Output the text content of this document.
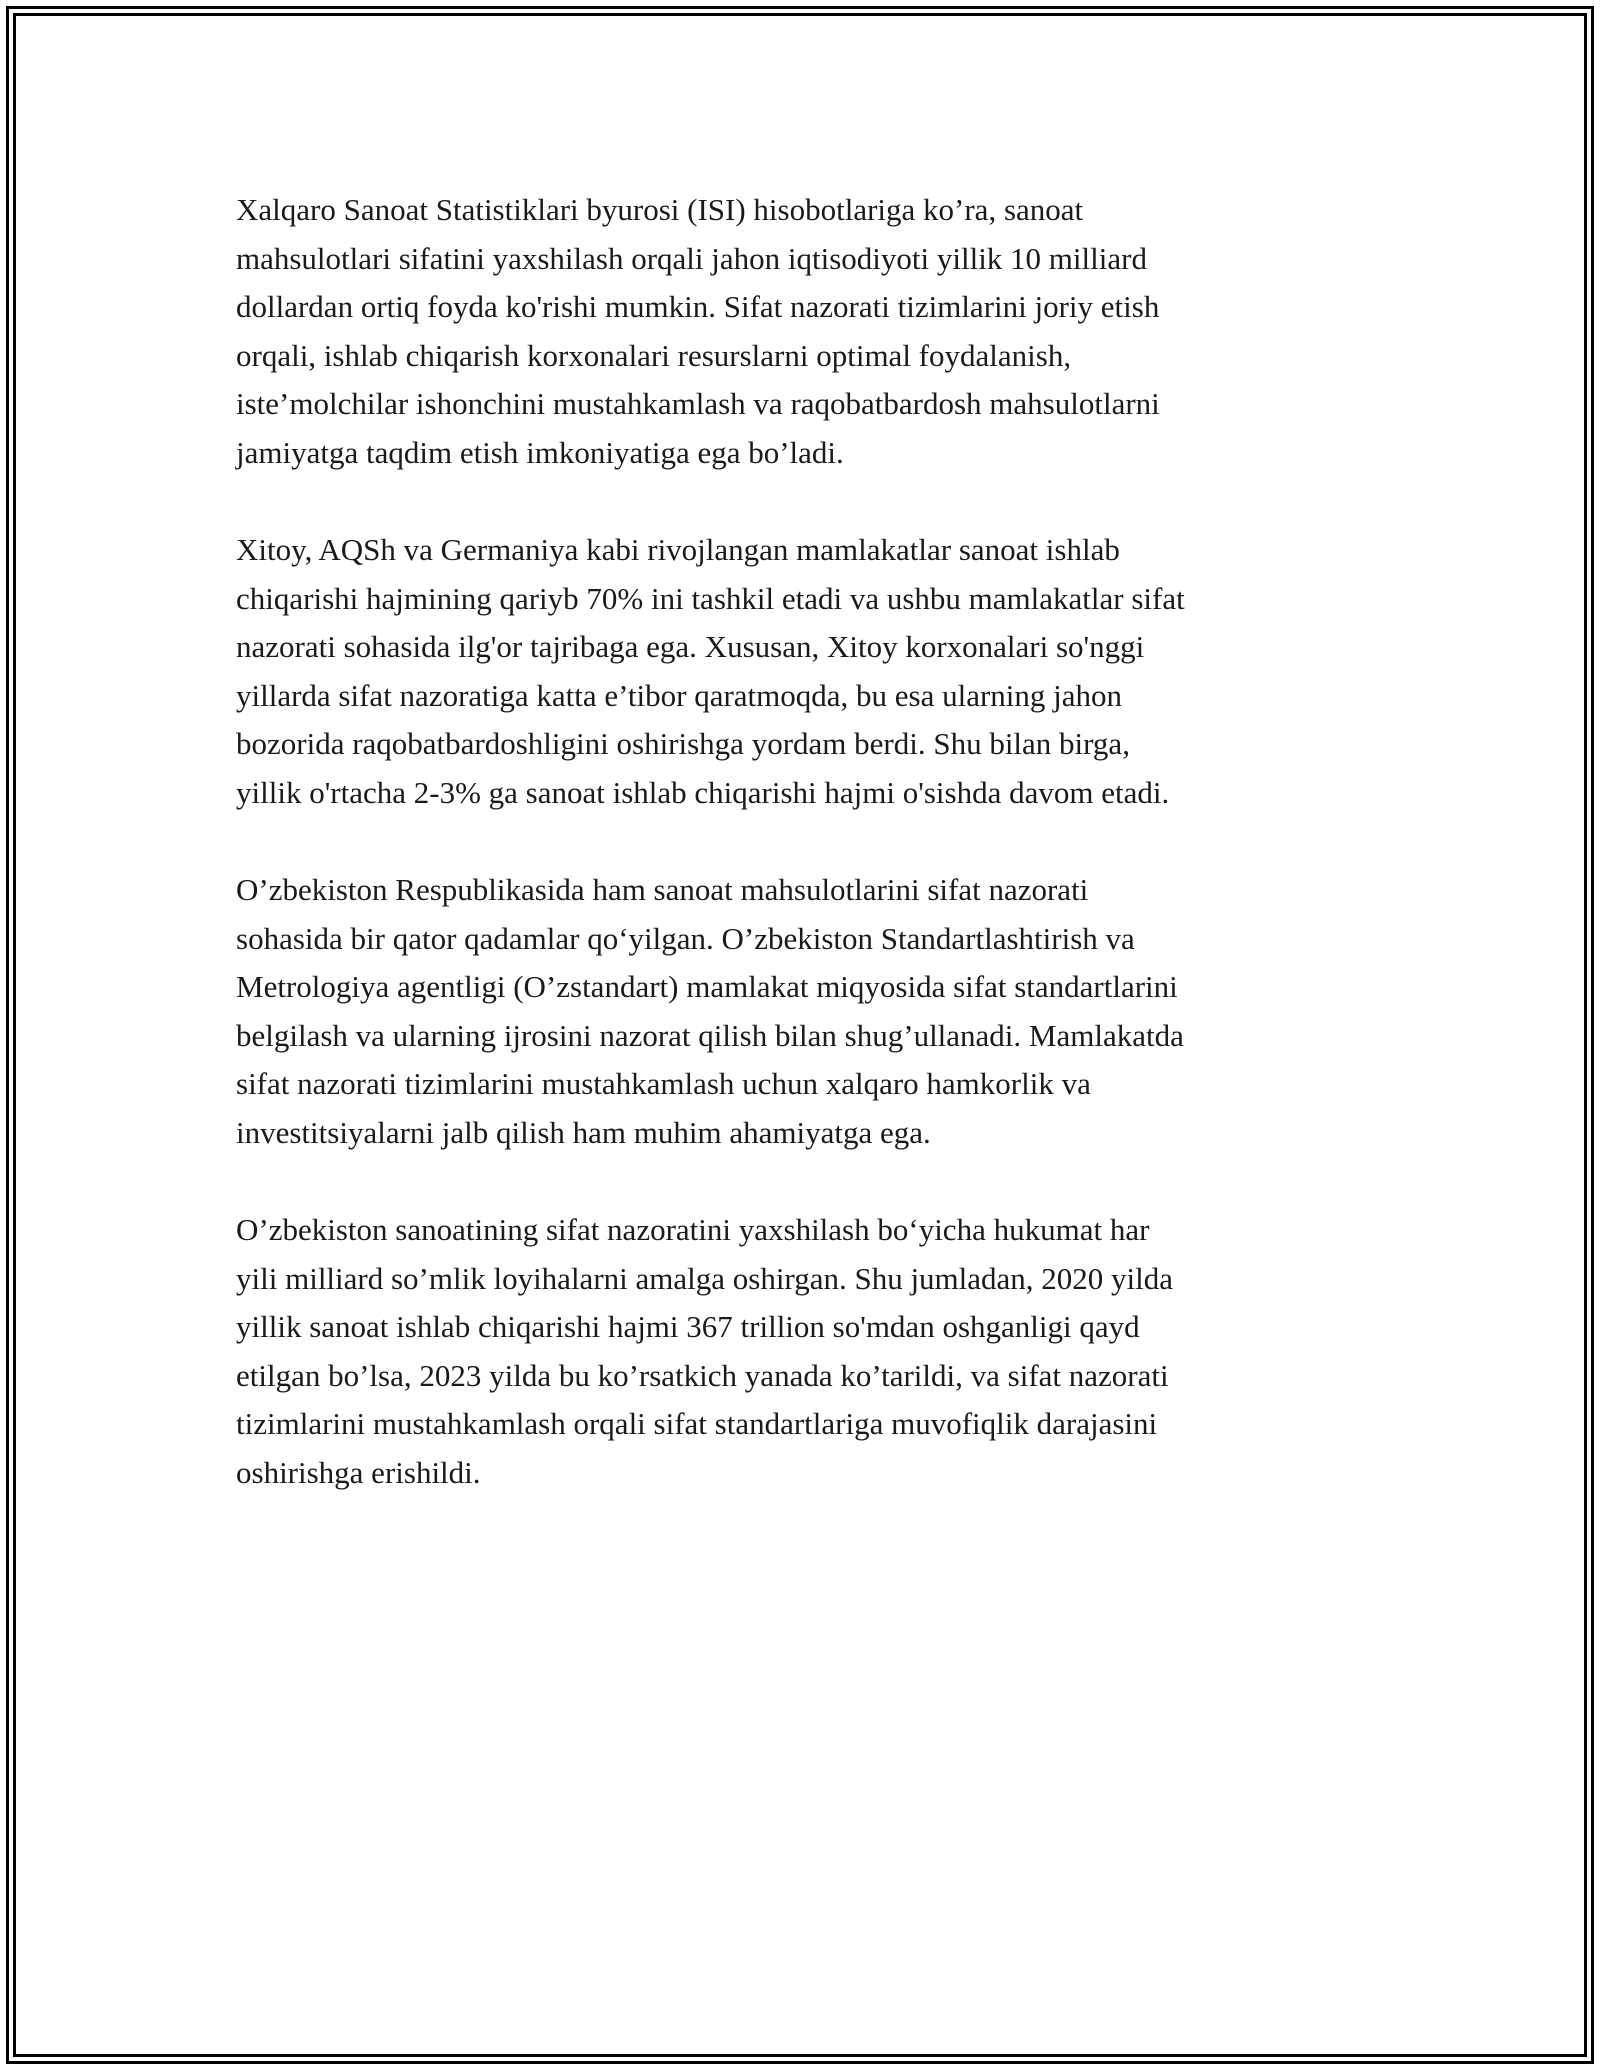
Xalqaro Sanoat Statistiklari byurosi (ISI) hisobotlariga ko’ra, sanoat
mahsulotlari sifatini yaxshilash orqali jahon iqtisodiyoti yillik 10 milliard
dollardan ortiq foyda ko'rishi mumkin. Sifat nazorati tizimlarini joriy etish
orqali, ishlab chiqarish korxonalari resurslarni optimal foydalanish,
iste’molchilar ishonchini mustahkamlash va raqobatbardosh mahsulotlarni
jamiyatga taqdim etish imkoniyatiga ega bo’ladi.

Xitoy, AQSh va Germaniya kabi rivojlangan mamlakatlar sanoat ishlab
chiqarishi hajmining qariyb 70% ini tashkil etadi va ushbu mamlakatlar sifat
nazorati sohasida ilg'or tajribaga ega. Xususan, Xitoy korxonalari so'nggi
yillarda sifat nazoratiga katta e’tibor qaratmoqda, bu esa ularning jahon
bozorida raqobatbardoshligini oshirishga yordam berdi. Shu bilan birga,
yillik o'rtacha 2-3% ga sanoat ishlab chiqarishi hajmi o'sishda davom etadi.

O’zbekiston Respublikasida ham sanoat mahsulotlarini sifat nazorati
sohasida bir qator qadamlar qo‘yilgan. O’zbekiston Standartlashtirish va
Metrologiya agentligi (O’zstandart) mamlakat miqyosida sifat standartlarini
belgilash va ularning ijrosini nazorat qilish bilan shug’ullanadi. Mamlakatda
sifat nazorati tizimlarini mustahkamlash uchun xalqaro hamkorlik va
investitsiyalarni jalb qilish ham muhim ahamiyatga ega.

O’zbekiston sanoatining sifat nazoratini yaxshilash bo‘yicha hukumat har
yili milliard so’mlik loyihalarni amalga oshirgan. Shu jumladan, 2020 yilda
yillik sanoat ishlab chiqarishi hajmi 367 trillion so'mdan oshganligi qayd
etilgan bo’lsa, 2023 yilda bu ko’rsatkich yanada ko’tarildi, va sifat nazorati
tizimlarini mustahkamlash orqali sifat standartlariga muvofiqlik darajasini
oshirishga erishildi.
